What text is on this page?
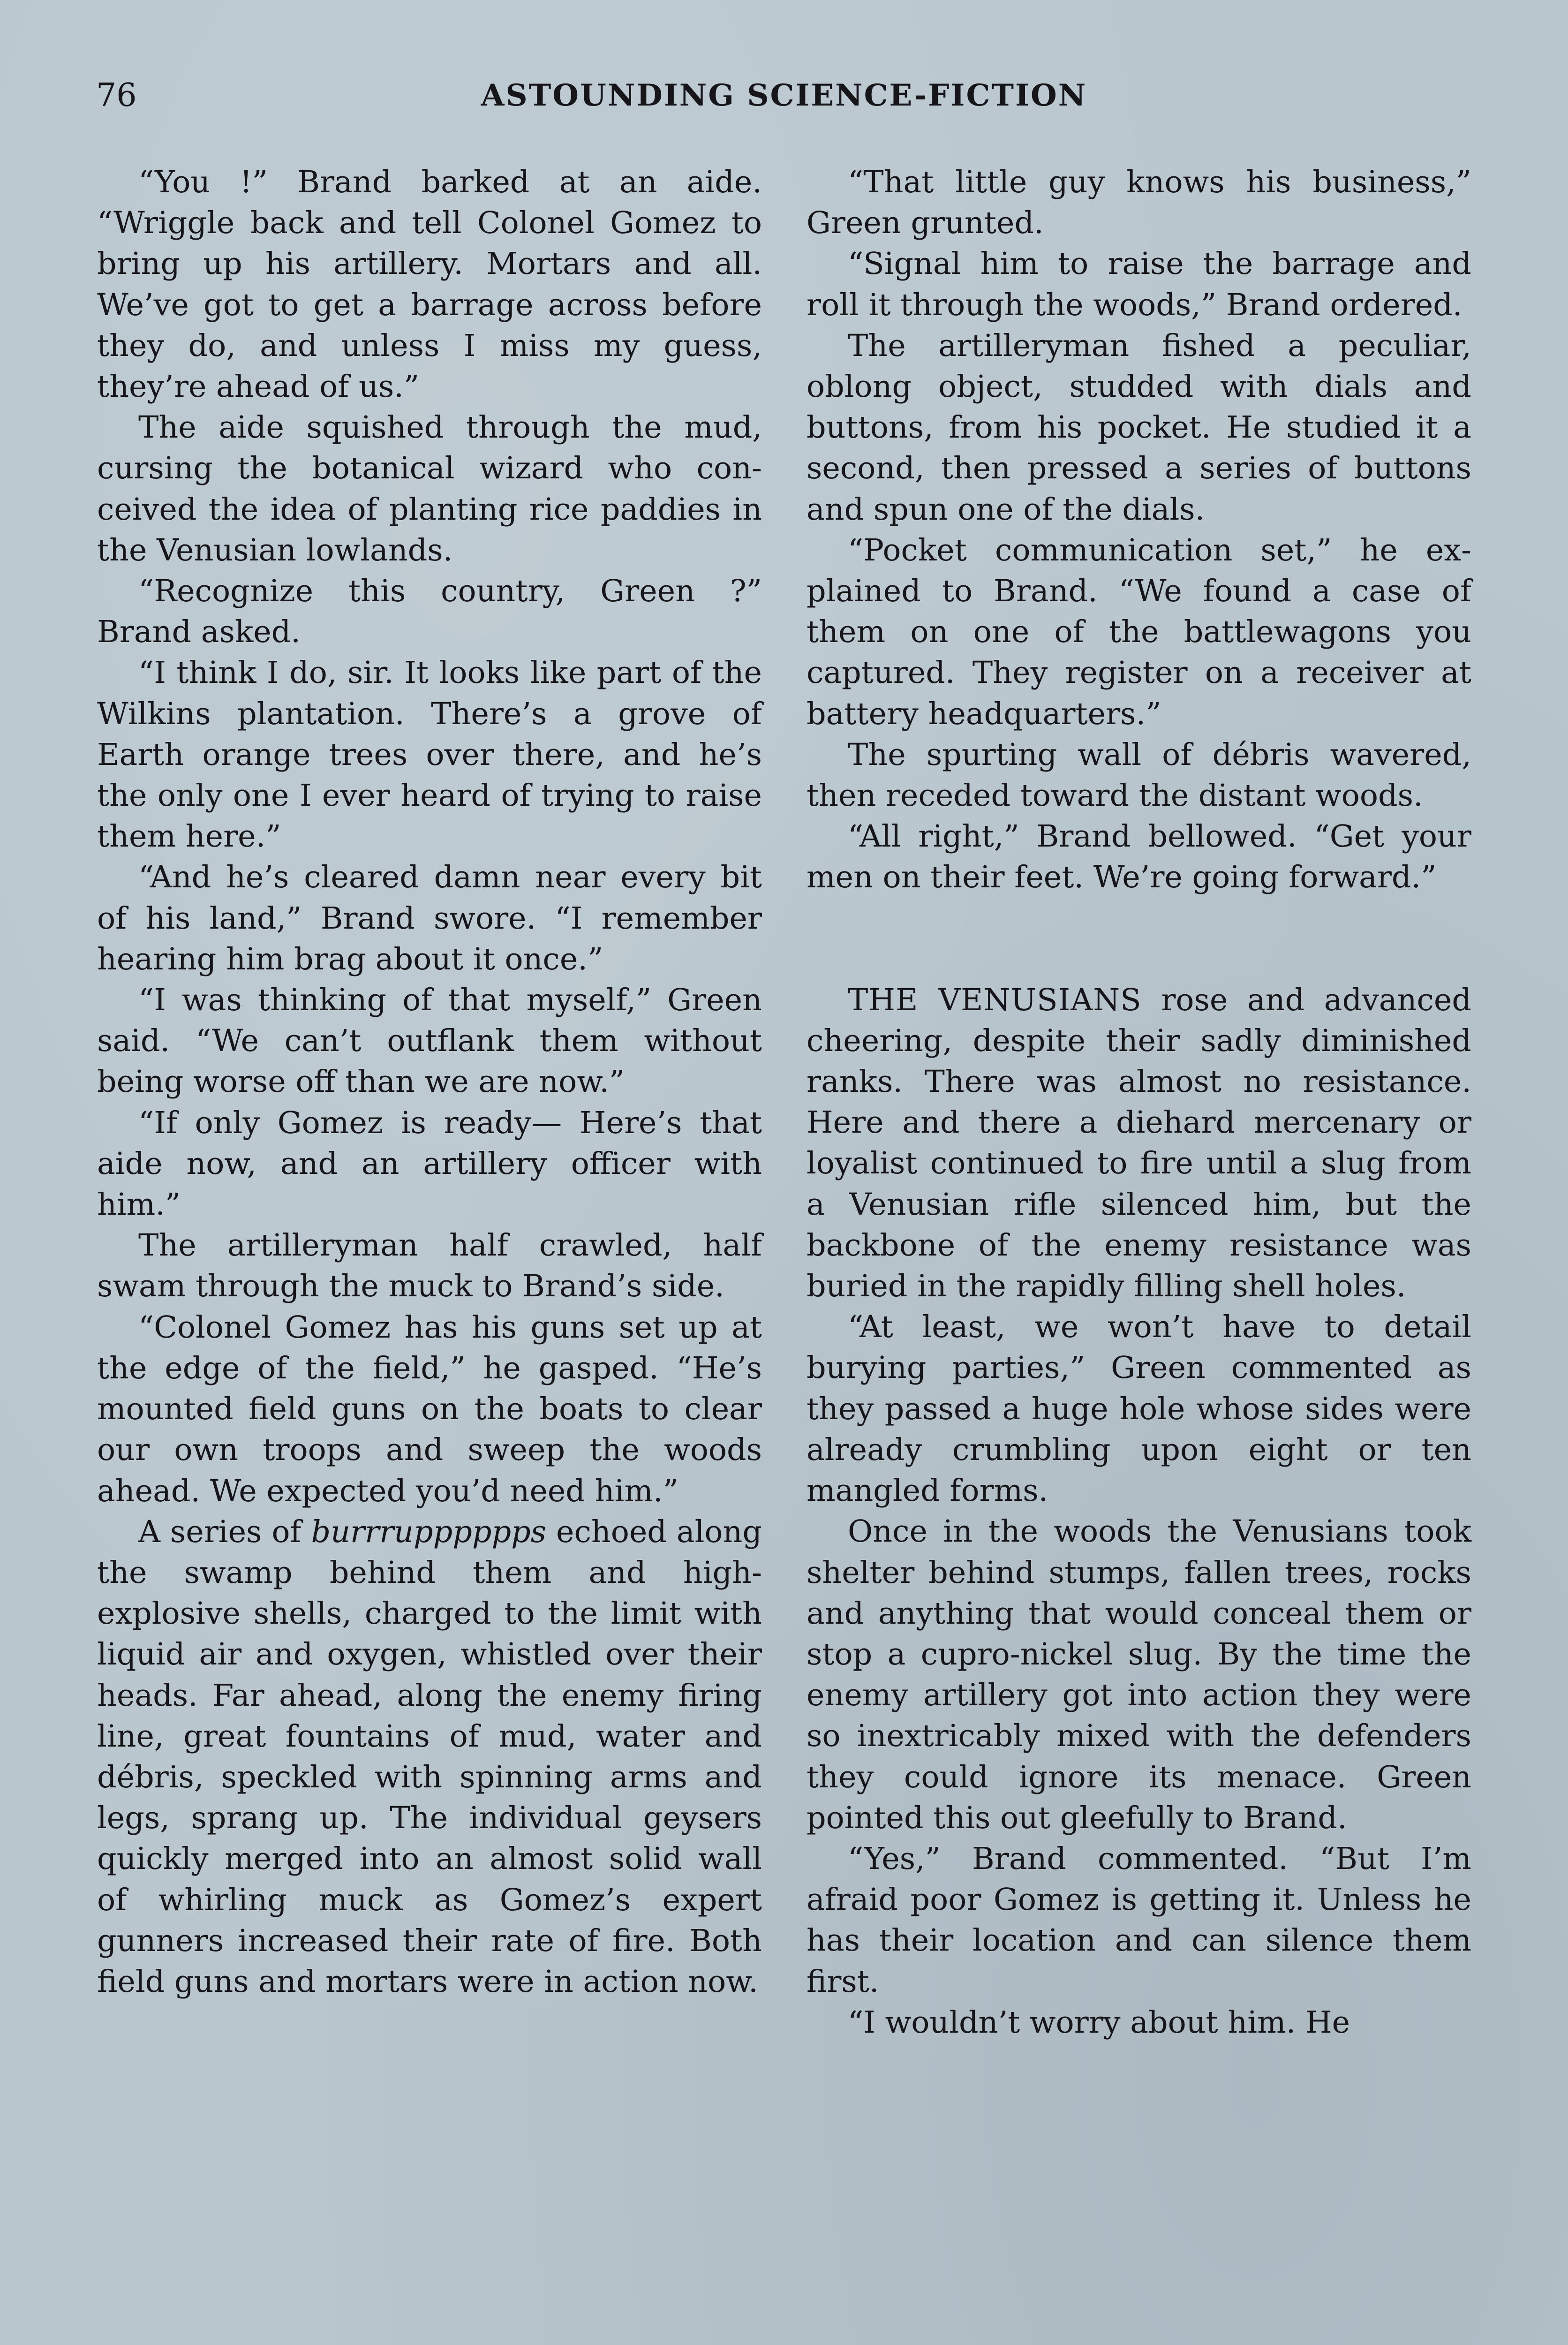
76	ASTOUNDING SCIENCE-FICTION

“You !” Brand barked at an aide. “Wriggle back and tell Colonel Gomez to bring up his artillery. Mortars and all. We’ve got to get a barrage across before they do, and unless I miss my guess, they’re ahead of us.”

The aide squished through the mud, cursing the botanical wizard who conceived the idea of planting rice paddies in the Venusian lowlands.

“Recognize this country, Green ?” Brand asked.

“I think I do, sir. It looks like part of the Wilkins plantation. There’s a grove of Earth orange trees over there, and he’s the only one I ever heard of trying to raise them here.”

“And he’s cleared damn near every bit of his land,” Brand swore. “I remember hearing him brag about it once.”

“I was thinking of that myself,” Green said. “We can’t outflank them without being worse off than we are now.”

“If only Gomez is ready— Here’s that aide now, and an artillery officer with him.”

The artilleryman half crawled, half swam through the muck to Brand’s side.

“Colonel Gomez has his guns set up at the edge of the field,” he gasped. “He’s mounted field guns on the boats to clear our own troops and sweep the woods ahead. We expected you’d need him.”

A series of burrrupppppps echoed along the swamp behind them and high-explosive shells, charged to the limit with liquid air and oxygen, whistled over their heads. Far ahead, along the enemy firing line, great fountains of mud, water and débris, speckled with spinning arms and legs, sprang up. The individual geysers quickly merged into an almost solid wall of whirling muck as Gomez’s expert gunners increased their rate of fire. Both field guns and mortars were in action now.

“That little guy knows his business,” Green grunted.

“Signal him to raise the barrage and roll it through the woods,” Brand ordered.

The artilleryman fished a peculiar, oblong object, studded with dials and buttons, from his pocket. He studied it a second, then pressed a series of buttons and spun one of the dials.

“Pocket communication set,” he explained to Brand. “We found a case of them on one of the battlewagons you captured. They register on a receiver at battery headquarters.”

The spurting wall of débris wavered, then receded toward the distant woods.

“All right,” Brand bellowed. “Get your men on their feet. We’re going forward.”

THE VENUSIANS rose and advanced cheering, despite their sadly diminished ranks. There was almost no resistance. Here and there a diehard mercenary or loyalist continued to fire until a slug from a Venusian rifle silenced him, but the backbone of the enemy resistance was buried in the rapidly filling shell holes.

“At least, we won’t have to detail burying parties,” Green commented as they passed a huge hole whose sides were already crumbling upon eight or ten mangled forms.

Once in the woods the Venusians took shelter behind stumps, fallen trees, rocks and anything that would conceal them or stop a cupro-nickel slug. By the time the enemy artillery got into action they were so inextricably mixed with the defenders they could ignore its menace. Green pointed this out gleefully to Brand.

“Yes,” Brand commented. “But I’m afraid poor Gomez is getting it. Unless he has their location and can silence them first.

“I wouldn’t worry about him. He
